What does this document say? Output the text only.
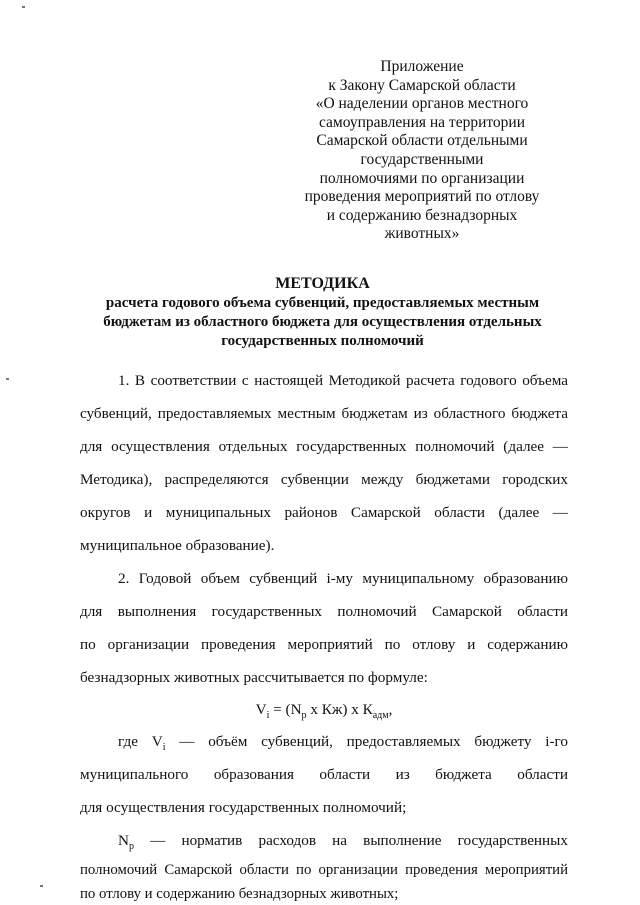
Приложение
к Закону Самарской области
«О наделении органов местного
самоуправления на территории
Самарской области отдельными
государственными
полномочиями по организации
проведения мероприятий по отлову
и содержанию безнадзорных
животных»
МЕТОДИКА
расчета годового объема субвенций, предоставляемых местным
бюджетам из областного бюджета для осуществления отдельных
государственных полномочий
1. В соответствии с настоящей Методикой расчета годового объема
субвенций, предоставляемых местным бюджетам из областного бюджета
для осуществления отдельных государственных полномочий (далее —
Методика), распределяются субвенции между бюджетами городских
округов и муниципальных районов Самарской области (далее —
муниципальное образование).
2. Годовой объем субвенций i-му муниципальному образованию
для выполнения государственных полномочий Самарской области
по организации проведения мероприятий по отлову и содержанию
безнадзорных животных рассчитывается по формуле:
$V_i = (N_p$ x Кж) x $К_{адм}$,
где $V_i$ — объём субвенций, предоставляемых бюджету i-го
муниципального образования области из бюджета области
для осуществления государственных полномочий;
$N_p$ — норматив расходов на выполнение государственных
полномочий Самарской области по организации проведения мероприятий
по отлову и содержанию безнадзорных животных;
